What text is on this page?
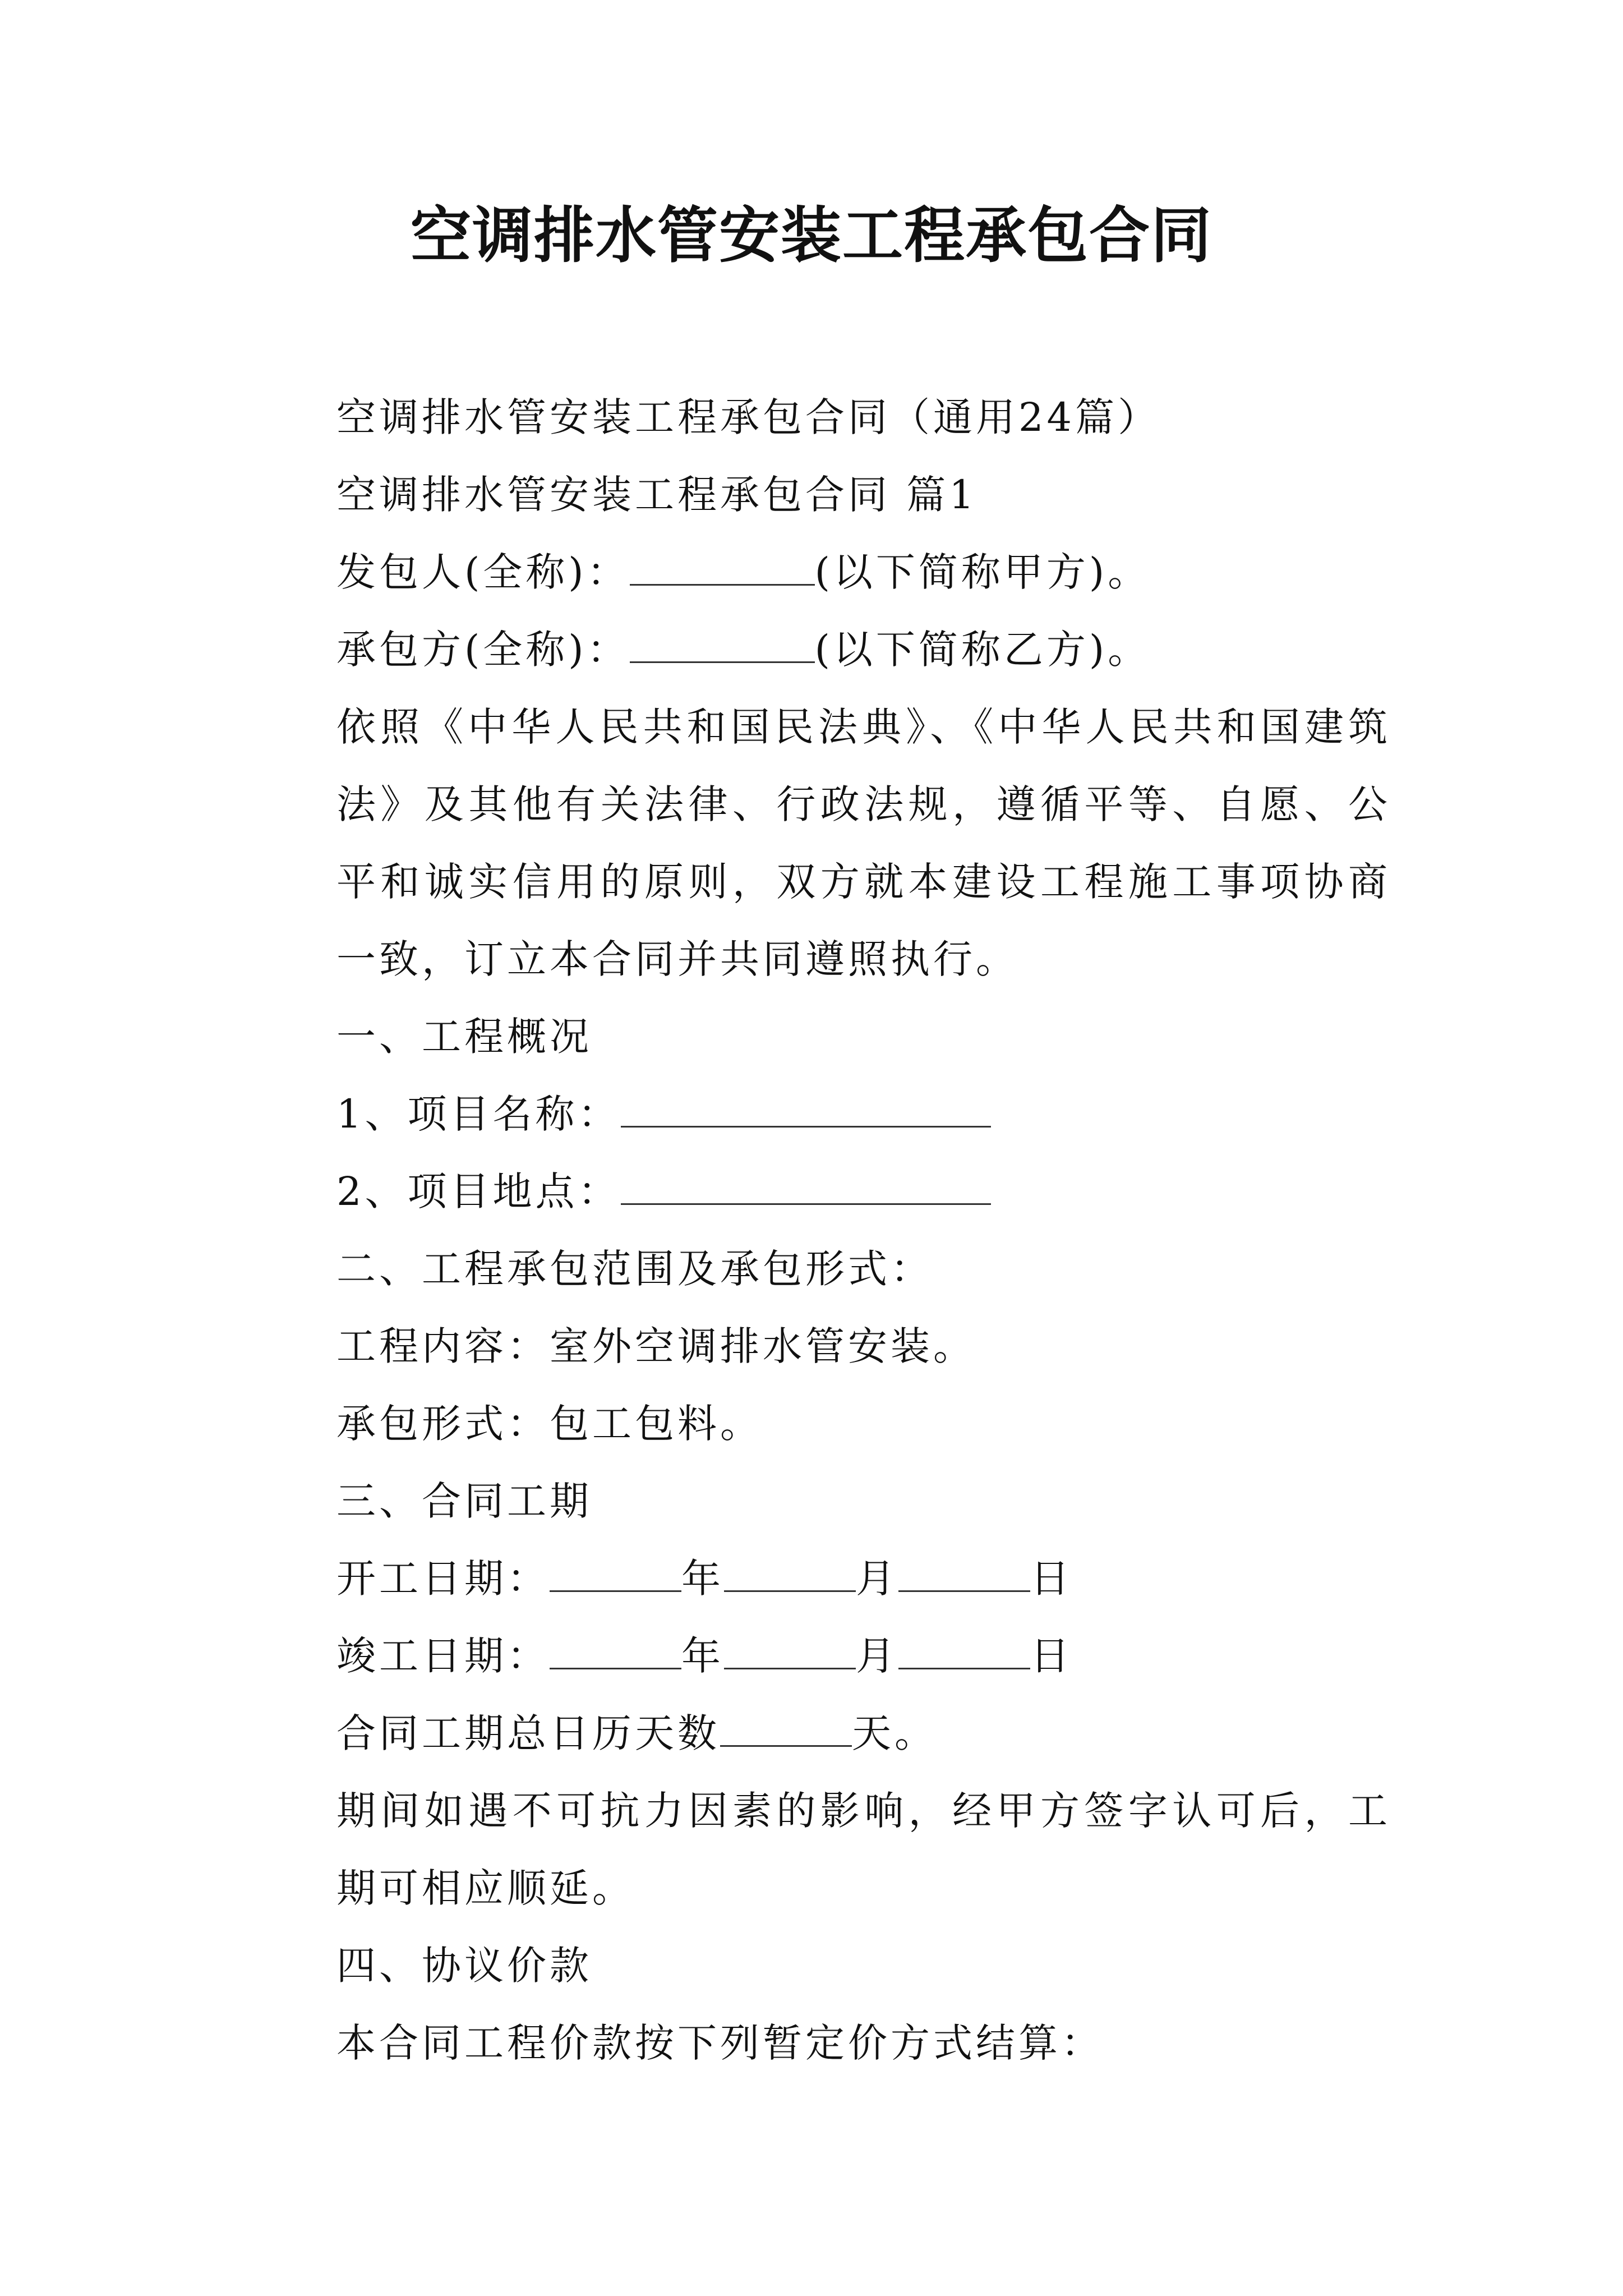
空调排水管安装工程承包合同

空调排水管安装工程承包合同（通用24篇）

空调排水管安装工程承包合同 篇1

发包人(全称)：	(以下简称甲方)。

承包方(全称)：	(以下简称乙方)。

依照《中华人民共和国民法典》、《中华人民共和国建筑法》及其他有关法律、行政法规，遵循平等、自愿、公平和诚实信用的原则，双方就本建设工程施工事项协商一致，订立本合同并共同遵照执行。

一、工程概况

1、项目名称：

2、项目地点：

二、工程承包范围及承包形式：

工程内容：室外空调排水管安装。

承包形式：包工包料。

三、合同工期

开工日期：	年	月	日

竣工日期：	年	月	日

合同工期总日历天数	天。

期间如遇不可抗力因素的影响，经甲方签字认可后，工期可相应顺延。

四、协议价款

本合同工程价款按下列暂定价方式结算：
